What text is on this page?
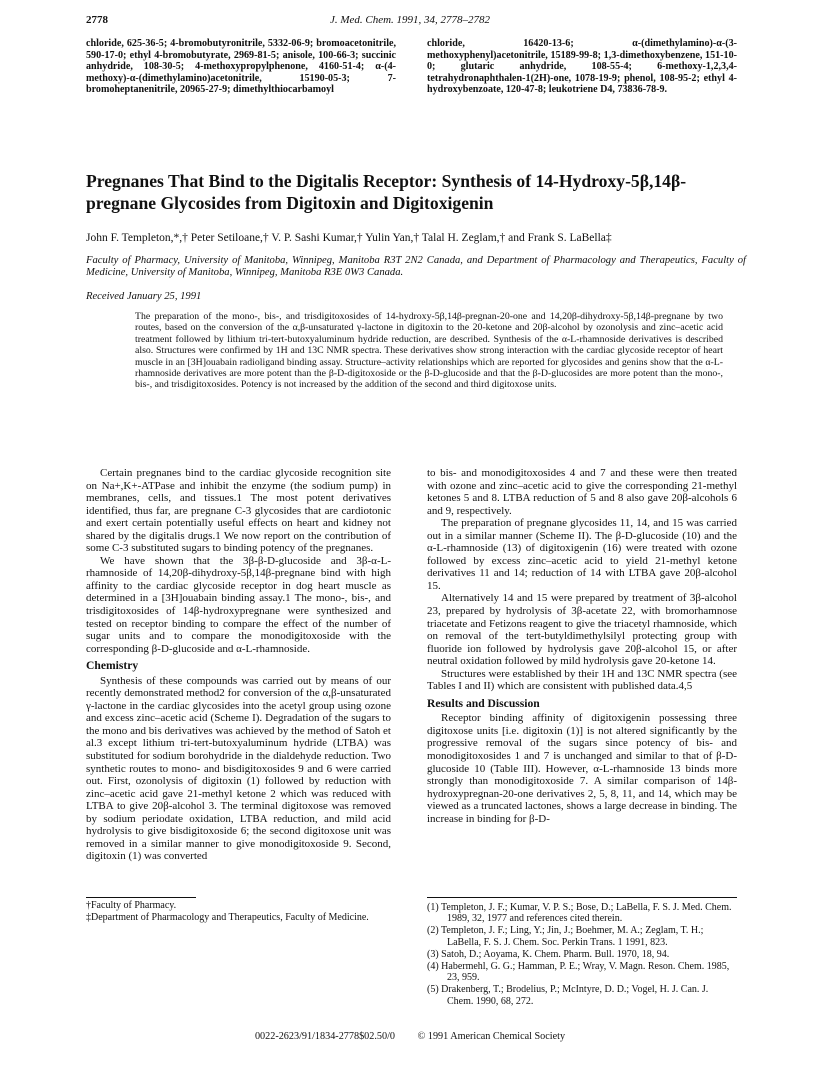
2778	J. Med. Chem. 1991, 34, 2778–2782
chloride, 625-36-5; 4-bromobutyronitrile, 5332-06-9; bromoacetonitrile, 590-17-0; ethyl 4-bromobutyrate, 2969-81-5; anisole, 100-66-3; succinic anhydride, 108-30-5; 4-methoxypropylphenone, 4160-51-4; α-(4-methoxy)-α-(dimethylamino)acetonitrile, 15190-05-3; 7-bromoheptanenitrile, 20965-27-9; dimethylthiocarbamoyl
chloride, 16420-13-6; α-(dimethylamino)-α-(3-methoxyphenyl)acetonitrile, 15189-99-8; 1,3-dimethoxybenzene, 151-10-0; glutaric anhydride, 108-55-4; 6-methoxy-1,2,3,4-tetrahydronaphthalen-1(2H)-one, 1078-19-9; phenol, 108-95-2; ethyl 4-hydroxybenzoate, 120-47-8; leukotriene D4, 73836-78-9.
Pregnanes That Bind to the Digitalis Receptor: Synthesis of 14-Hydroxy-5β,14β-pregnane Glycosides from Digitoxin and Digitoxigenin
John F. Templeton,*,† Peter Setiloane,† V. P. Sashi Kumar,† Yulin Yan,† Talal H. Zeglam,† and Frank S. LaBella‡
Faculty of Pharmacy, University of Manitoba, Winnipeg, Manitoba R3T 2N2 Canada, and Department of Pharmacology and Therapeutics, Faculty of Medicine, University of Manitoba, Winnipeg, Manitoba R3E 0W3 Canada.
Received January 25, 1991
The preparation of the mono-, bis-, and trisdigitoxosides of 14-hydroxy-5β,14β-pregnan-20-one and 14,20β-dihydroxy-5β,14β-pregnane by two routes, based on the conversion of the α,β-unsaturated γ-lactone in digitoxin to the 20-ketone and 20β-alcohol by ozonolysis and zinc–acetic acid treatment followed by lithium tri-tert-butoxyaluminum hydride reduction, are described. Synthesis of the α-L-rhamnoside derivatives is described also. Structures were confirmed by 1H and 13C NMR spectra. These derivatives show strong interaction with the cardiac glycoside receptor of heart muscle in an [3H]ouabain radioligand binding assay. Structure–activity relationships which are reported for glycosides and genins show that the α-L-rhamnoside derivatives are more potent than the β-D-digitoxoside or the β-D-glucoside and that the β-D-glucosides are more potent than the mono-, bis-, and trisdigitoxosides. Potency is not increased by the addition of the second and third digitoxose units.

Certain pregnanes bind to the cardiac glycoside recognition site on Na+,K+-ATPase and inhibit the enzyme (the sodium pump) in membranes, cells, and tissues.1 The most potent derivatives identified, thus far, are pregnane C-3 glycosides that are cardiotonic and exert certain potentially useful effects on heart and kidney not shared by the digitalis drugs.1 We now report on the contribution of some C-3 substituted sugars to binding potency of the pregnanes.

We have shown that the 3β-β-D-glucoside and 3β-α-L-rhamnoside of 14,20β-dihydroxy-5β,14β-pregnane bind with high affinity to the cardiac glycoside receptor in dog heart muscle as determined in a [3H]ouabain binding assay.1 The mono-, bis-, and trisdigitoxosides of 14β-hydroxypregnane were synthesized and tested on receptor binding to compare the effect of the number of sugar units and to compare the monodigitoxoside with the corresponding β-D-glucoside and α-L-rhamnoside.

Chemistry

Synthesis of these compounds was carried out by means of our recently demonstrated method2 for conversion of the α,β-unsaturated γ-lactone in the cardiac glycosides into the acetyl group using ozone and excess zinc–acetic acid (Scheme I). Degradation of the sugars to the mono and bis derivatives was achieved by the method of Satoh et al.3 except lithium tri-tert-butoxyaluminum hydride (LTBA) was substituted for sodium borohydride in the dialdehyde reduction. Two synthetic routes to mono- and bisdigitoxosides 9 and 6 were carried out. First, ozonolysis of digitoxin (1) followed by reduction with zinc–acetic acid gave 21-methyl ketone 2 which was reduced with LTBA to give 20β-alcohol 3. The terminal digitoxose was removed by sodium periodate oxidation, LTBA reduction, and mild acid hydrolysis to give bisdigitoxoside 6; the second digitoxose unit was removed in a similar manner to give monodigitoxoside 9. Second, digitoxin (1) was converted

to bis- and monodigitoxosides 4 and 7 and these were then treated with ozone and zinc–acetic acid to give the corresponding 21-methyl ketones 5 and 8. LTBA reduction of 5 and 8 also gave 20β-alcohols 6 and 9, respectively.

The preparation of pregnane glycosides 11, 14, and 15 was carried out in a similar manner (Scheme II). The β-D-glucoside (10) and the α-L-rhamnoside (13) of digitoxigenin (16) were treated with ozone followed by excess zinc–acetic acid to yield 21-methyl ketone derivatives 11 and 14; reduction of 14 with LTBA gave 20β-alcohol 15.

Alternatively 14 and 15 were prepared by treatment of 3β-alcohol 23, prepared by hydrolysis of 3β-acetate 22, with bromorhamnose triacetate and Fetizons reagent to give the triacetyl rhamnoside, which on removal of the tert-butyldimethylsilyl protecting group with fluoride ion followed by hydrolysis gave 20β-alcohol 15, or after neutral oxidation followed by mild hydrolysis gave 20-ketone 14.

Structures were established by their 1H and 13C NMR spectra (see Tables I and II) which are consistent with published data.4,5

Results and Discussion

Receptor binding affinity of digitoxigenin possessing three digitoxose units [i.e. digitoxin (1)] is not altered significantly by the progressive removal of the sugars since potency of bis- and monodigitoxosides 1 and 7 is unchanged and similar to that of β-D-glucoside 10 (Table III). However, α-L-rhamnoside 13 binds more strongly than monodigitoxoside 7. A similar comparison of 14β-hydroxypregnan-20-one derivatives 2, 5, 8, 11, and 14, which may be viewed as a truncated lactones, shows a large decrease in binding. The increase in binding for β-D-

†Faculty of Pharmacy.

‡Department of Pharmacology and Therapeutics, Faculty of Medicine.

(1) Templeton, J. F.; Kumar, V. P. S.; Bose, D.; LaBella, F. S. J. Med. Chem. 1989, 32, 1977 and references cited therein.

(2) Templeton, J. F.; Ling, Y.; Jin, J.; Boehmer, M. A.; Zeglam, T. H.; LaBella, F. S. J. Chem. Soc. Perkin Trans. 1 1991, 823.

(3) Satoh, D.; Aoyama, K. Chem. Pharm. Bull. 1970, 18, 94.

(4) Habermehl, G. G.; Hamman, P. E.; Wray, V. Magn. Reson. Chem. 1985, 23, 959.

(5) Drakenberg, T.; Brodelius, P.; McIntyre, D. D.; Vogel, H. J. Can. J. Chem. 1990, 68, 272.

0022-2623/91/1834-2778$02.50/0 © 1991 American Chemical Society
